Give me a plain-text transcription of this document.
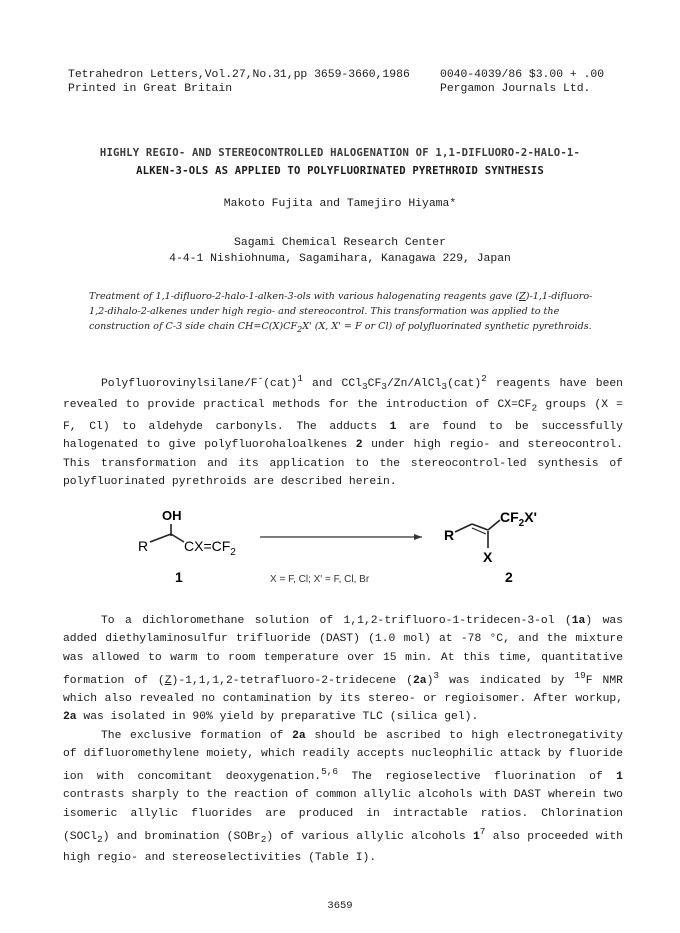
Tetrahedron Letters,Vol.27,No.31,pp 3659-3660,1986
Printed in Great Britain
0040-4039/86 $3.00 + .00
Pergamon Journals Ltd.
HIGHLY REGIO- AND STEREOCONTROLLED HALOGENATION OF 1,1-DIFLUORO-2-HALO-1-
ALKEN-3-OLS AS APPLIED TO POLYFLUORINATED PYRETHROID SYNTHESIS
Makoto Fujita and Tamejiro Hiyama*
Sagami Chemical Research Center
4-4-1 Nishiohnuma, Sagamihara, Kanagawa 229, Japan
Treatment of 1,1-difluoro-2-halo-1-alken-3-ols with various halogenating reagents gave (Z)-1,1-difluoro-1,2-dihalo-2-alkenes under high regio- and stereocontrol. This transformation was applied to the construction of C-3 side chain $CH=C(X)CF_2X'$ (X, X' = F or Cl) of polyfluorinated synthetic pyrethroids.

Polyfluorovinylsilane/F-(cat)$^1$ and $CCl_3CF_3/Zn/AlCl_3(cat)^2$ reagents have been revealed to provide practical methods for the introduction of $CX=CF_2$ groups (X = F, Cl) to aldehyde carbonyls. The adducts 1 are found to be successfully halogenated to give polyfluorohaloalkenes 2 under high regio- and stereocontrol. This transformation and its application to the stereocontrol-led synthesis of polyfluorinated pyrethroids are described herein.

OH
R	$CX=CF_2$
1	X = F, Cl; X' = F, Cl, Br
R
$CF_2X'$
X
2

To a dichloromethane solution of 1,1,2-trifluoro-1-tridecen-3-ol (1a) was added diethylaminosulfur trifluoride (DAST) (1.0 mol) at -78 °C, and the mixture was allowed to warm to room temperature over 15 min. At this time, quantitative formation of (Z)-1,1,1,2-tetrafluoro-2-tridecene $(2a)^3$ was indicated by $^{19}$F NMR which also revealed no contamination by its stereo- or regioisomer. After workup, 2a was isolated in 90% yield by preparative TLC (silica gel).

The exclusive formation of 2a should be ascribed to high electronegativity of difluoromethylene moiety, which readily accepts nucleophilic attack by fluoride ion with concomitant deoxygenation.$^{5,6}$ The regioselective fluorination of 1 contrasts sharply to the reaction of common allylic alcohols with DAST wherein two isomeric allylic fluorides are produced in intractable ratios. Chlorination (SOCl$_2$) and bromination (SOBr$_2$) of various allylic alcohols $1^7$ also proceeded with high regio- and stereoselectivities (Table I).

3659
